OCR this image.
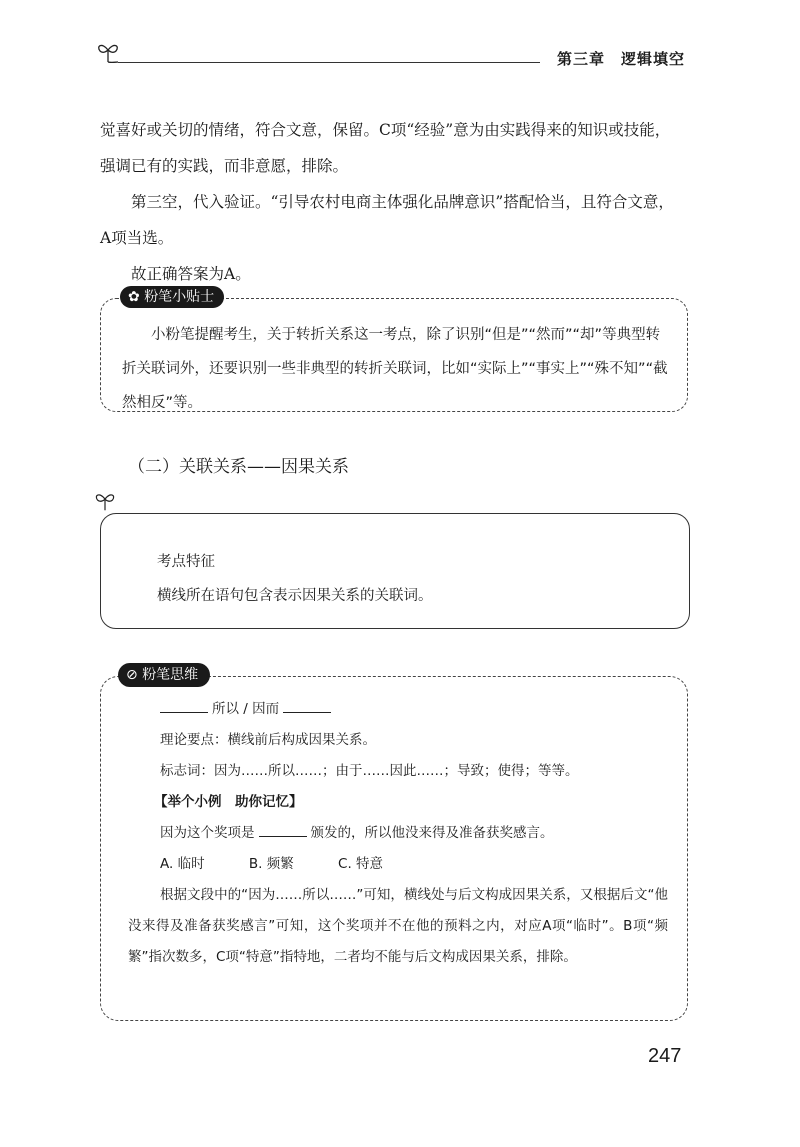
第三章　 逻辑填空
觉喜好或关切的情绪，符合文意，保留。C项“经验”意为由实践得来的知识或技能，
强调已有的实践，而非意愿，排除。
第三空，代入验证。“引导农村电商主体强化品牌意识”搭配恰当，且符合文意，
A项当选。
故正确答案为A。
✿ 粉笔小贴士
小粉笔提醒考生，关于转折关系这一考点，除了识别“但是”“然而”“却”等典型转折关联词外，还要识别一些非典型的转折关联词，比如“实际上”“事实上”“殊不知”“截然相反”等。
（二）关联关系——因果关系
考点特征
横线所在语句包含表示因果关系的关联词。
⊘ 粉笔思维
所以 / 因而
理论要点：横线前后构成因果关系。
标志词：因为……所以……；由于……因此……；导致；使得；等等。
【举个小例　助你记忆】
因为这个奖项是	颁发的，所以他没来得及准备获奖感言。
A. 临时	B. 频繁	C. 特意
根据文段中的“因为……所以……”可知，横线处与后文构成因果关系，又根据后文“他没来得及准备获奖感言”可知，这个奖项并不在他的预料之内，对应A项“临时”。B项“频繁”指次数多，C项“特意”指特地，二者均不能与后文构成因果关系，排除。
247
